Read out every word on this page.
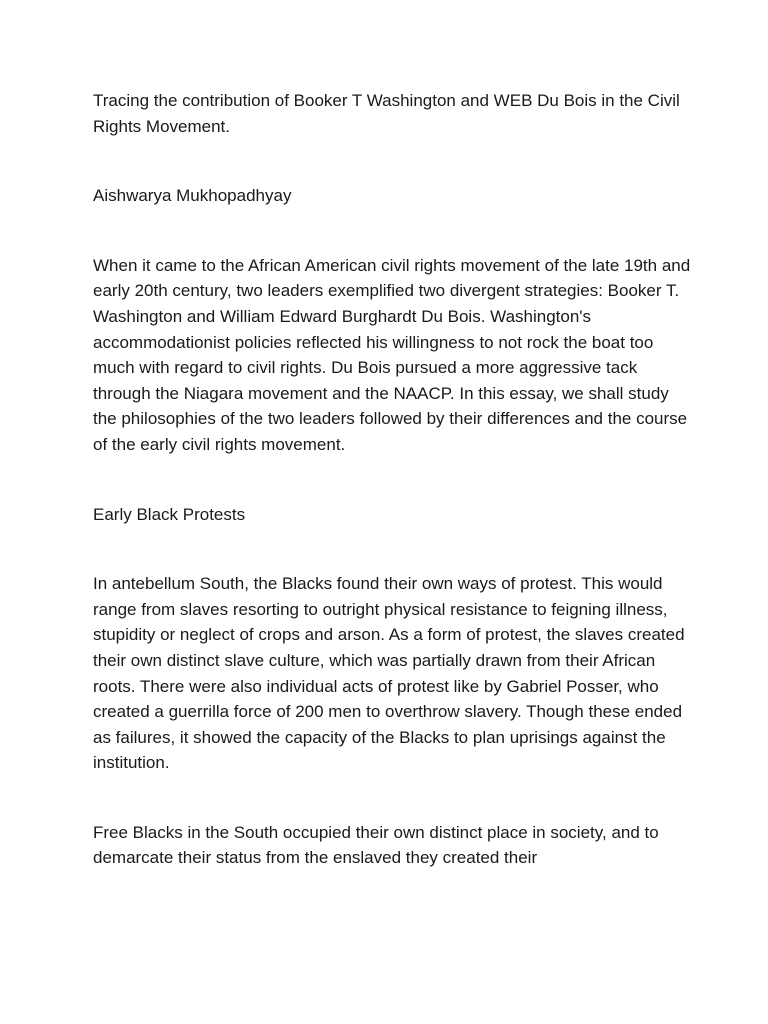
Tracing the contribution of Booker T Washington and WEB Du Bois in the Civil Rights Movement.

Aishwarya Mukhopadhyay

When it came to the African American civil rights movement of the late 19th and early 20th century, two leaders exemplified two divergent strategies: Booker T. Washington and William Edward Burghardt Du Bois. Washington's accommodationist policies reflected his willingness to not rock the boat too much with regard to civil rights. Du Bois pursued a more aggressive tack through the Niagara movement and the NAACP. In this essay, we shall study the philosophies of the two leaders followed by their differences and the course of the early civil rights movement.

Early Black Protests

In antebellum South, the Blacks found their own ways of protest. This would range from slaves resorting to outright physical resistance to feigning illness, stupidity or neglect of crops and arson. As a form of protest, the slaves created their own distinct slave culture, which was partially drawn from their African roots. There were also individual acts of protest like by Gabriel Posser, who created a guerrilla force of 200 men to overthrow slavery. Though these ended as failures, it showed the capacity of the Blacks to plan uprisings against the institution.

Free Blacks in the South occupied their own distinct place in society, and to demarcate their status from the enslaved they created their
